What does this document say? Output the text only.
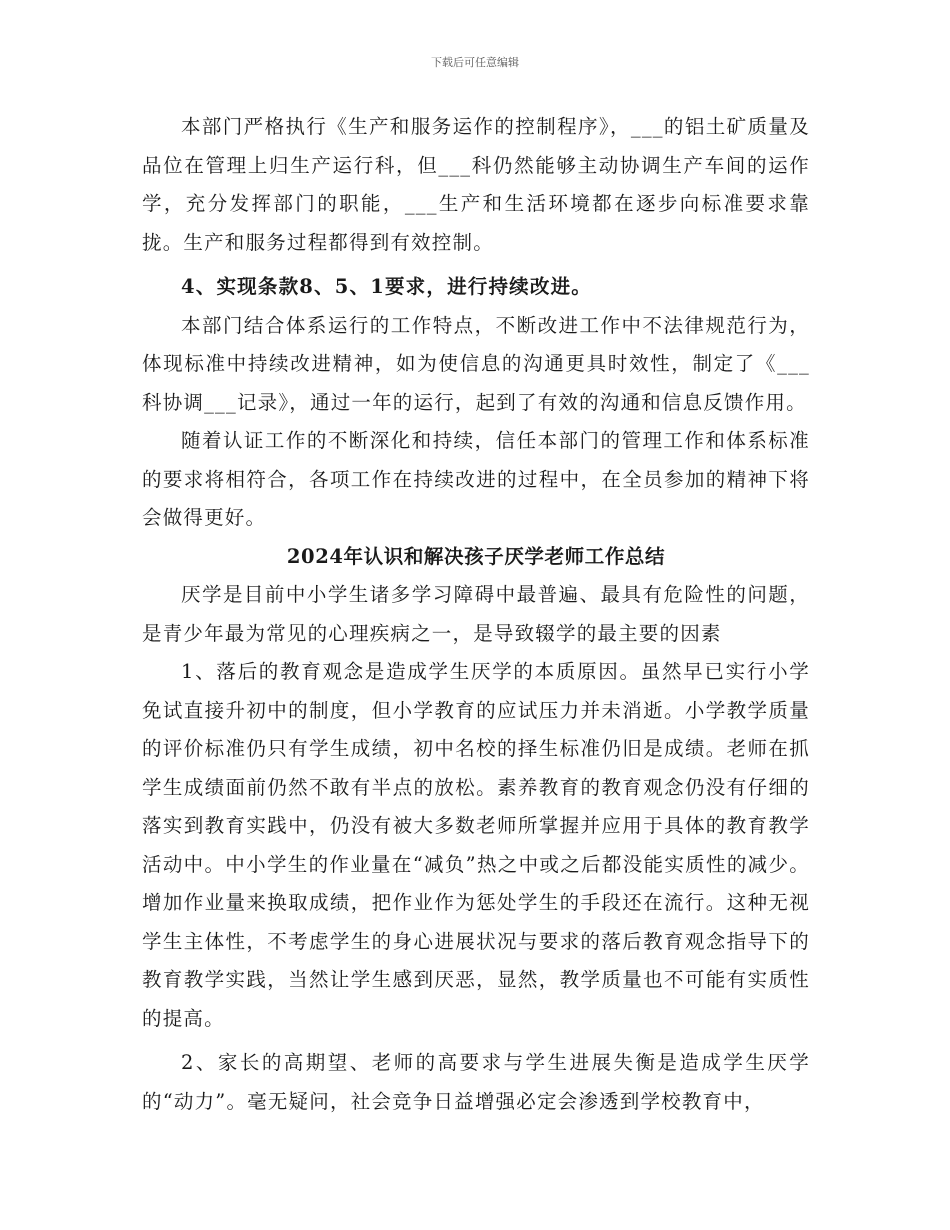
下载后可任意编辑

本部门严格执行《生产和服务运作的控制程序》，___的铝土矿质量及品位在管理上归生产运行科，但___科仍然能够主动协调生产车间的运作学，充分发挥部门的职能，___生产和生活环境都在逐步向标准要求靠拢。生产和服务过程都得到有效控制。

4、实现条款8、5、1要求，进行持续改进。

本部门结合体系运行的工作特点，不断改进工作中不法律规范行为，体现标准中持续改进精神，如为使信息的沟通更具时效性，制定了《___科协调___记录》，通过一年的运行，起到了有效的沟通和信息反馈作用。

随着认证工作的不断深化和持续，信任本部门的管理工作和体系标准的要求将相符合，各项工作在持续改进的过程中，在全员参加的精神下将会做得更好。

2024年认识和解决孩子厌学老师工作总结

厌学是目前中小学生诸多学习障碍中最普遍、最具有危险性的问题，是青少年最为常见的心理疾病之一，是导致辍学的最主要的因素

1、落后的教育观念是造成学生厌学的本质原因。虽然早已实行小学免试直接升初中的制度，但小学教育的应试压力并未消逝。小学教学质量的评价标准仍只有学生成绩，初中名校的择生标准仍旧是成绩。老师在抓学生成绩面前仍然不敢有半点的放松。素养教育的教育观念仍没有仔细的落实到教育实践中，仍没有被大多数老师所掌握并应用于具体的教育教学活动中。中小学生的作业量在“减负”热之中或之后都没能实质性的减少。增加作业量来换取成绩，把作业作为惩处学生的手段还在流行。这种无视学生主体性，不考虑学生的身心进展状况与要求的落后教育观念指导下的教育教学实践，当然让学生感到厌恶，显然，教学质量也不可能有实质性的提高。

2、家长的高期望、老师的高要求与学生进展失衡是造成学生厌学的“动力”。毫无疑问，社会竞争日益增强必定会渗透到学校教育中，
